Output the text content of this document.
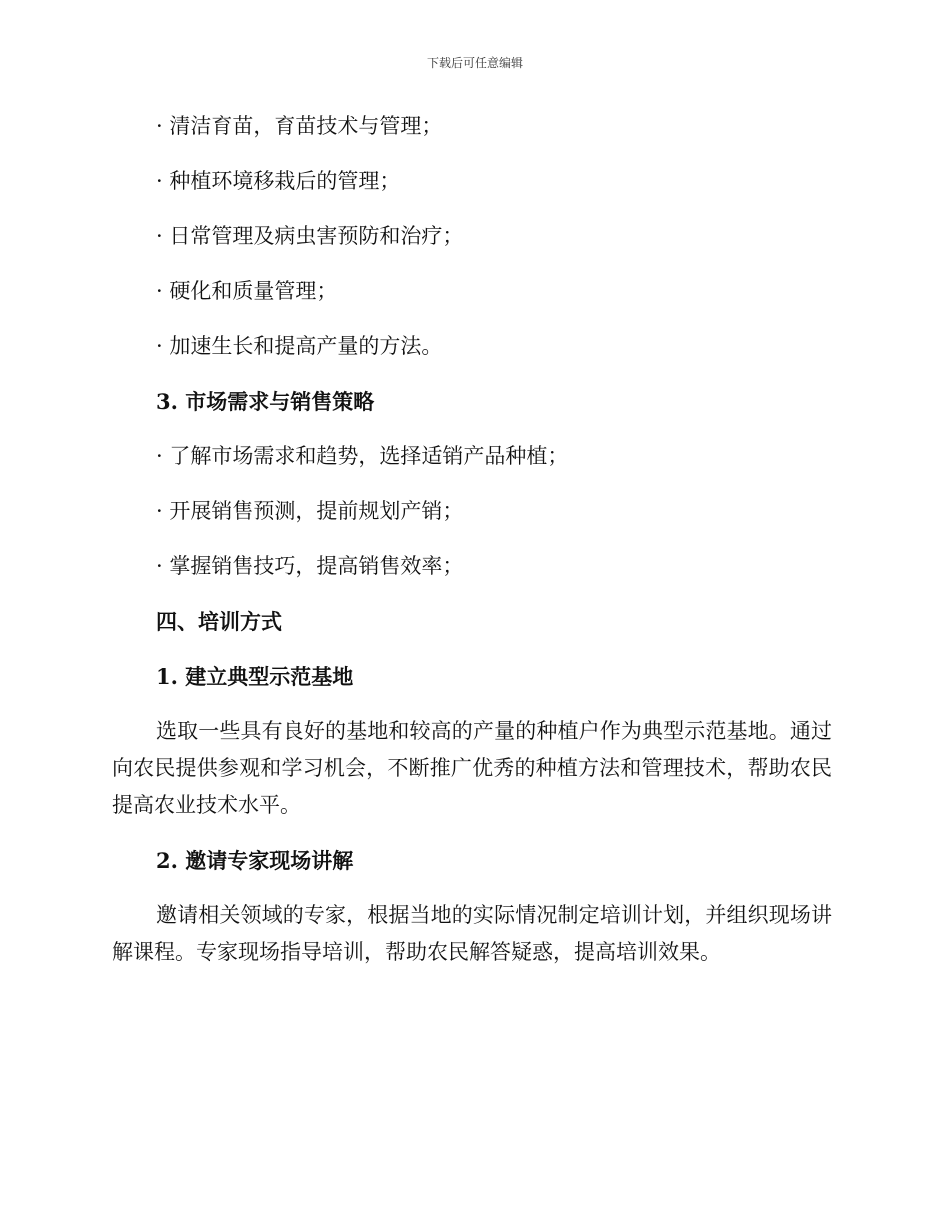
下载后可任意编辑
· 清洁育苗，育苗技术与管理；
· 种植环境移栽后的管理；
· 日常管理及病虫害预防和治疗；
· 硬化和质量管理；
· 加速生长和提高产量的方法。
3. 市场需求与销售策略
· 了解市场需求和趋势，选择适销产品种植；
· 开展销售预测，提前规划产销；
· 掌握销售技巧，提高销售效率；
四、培训方式
1. 建立典型示范基地
选取一些具有良好的基地和较高的产量的种植户作为典型示范基地。通过向农民提供参观和学习机会，不断推广优秀的种植方法和管理技术，帮助农民提高农业技术水平。
2. 邀请专家现场讲解
邀请相关领域的专家，根据当地的实际情况制定培训计划，并组织现场讲解课程。专家现场指导培训，帮助农民解答疑惑，提高培训效果。
